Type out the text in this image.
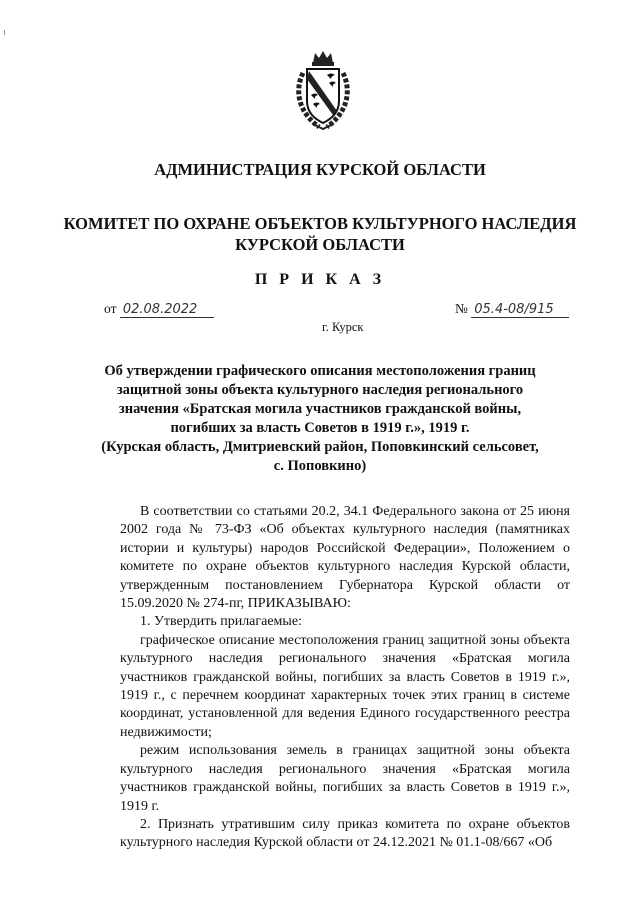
АДМИНИСТРАЦИЯ КУРСКОЙ ОБЛАСТИ
КОМИТЕТ ПО ОХРАНЕ ОБЪЕКТОВ КУЛЬТУРНОГО НАСЛЕДИЯ
КУРСКОЙ ОБЛАСТИ
П Р И К А З
от 02.08.2022	№ 05.4-08/915
г. Курск
Об утверждении графического описания местоположения границ
защитной зоны объекта культурного наследия регионального
значения «Братская могила участников гражданской войны,
погибших за власть Советов в 1919 г.», 1919 г.
(Курская область, Дмитриевский район, Поповкинский сельсовет,
с. Поповкино)

В соответствии со статьями 20.2, 34.1 Федерального закона от 25 июня 2002 года № 73-ФЗ «Об объектах культурного наследия (памятниках истории и культуры) народов Российской Федерации», Положением о комитете по охране объектов культурного наследия Курской области, утвержденным постановлением Губернатора Курской области от 15.09.2020 № 274-пг, ПРИКАЗЫВАЮ:

1. Утвердить прилагаемые:

графическое описание местоположения границ защитной зоны объекта культурного наследия регионального значения «Братская могила участников гражданской войны, погибших за власть Советов в 1919 г.», 1919 г., с перечнем координат характерных точек этих границ в системе координат, установленной для ведения Единого государственного реестра недвижимости;

режим использования земель в границах защитной зоны объекта культурного наследия регионального значения «Братская могила участников гражданской войны, погибших за власть Советов в 1919 г.», 1919 г.

2. Признать утратившим силу приказ комитета по охране объектов культурного наследия Курской области от 24.12.2021 № 01.1-08/667 «Об
